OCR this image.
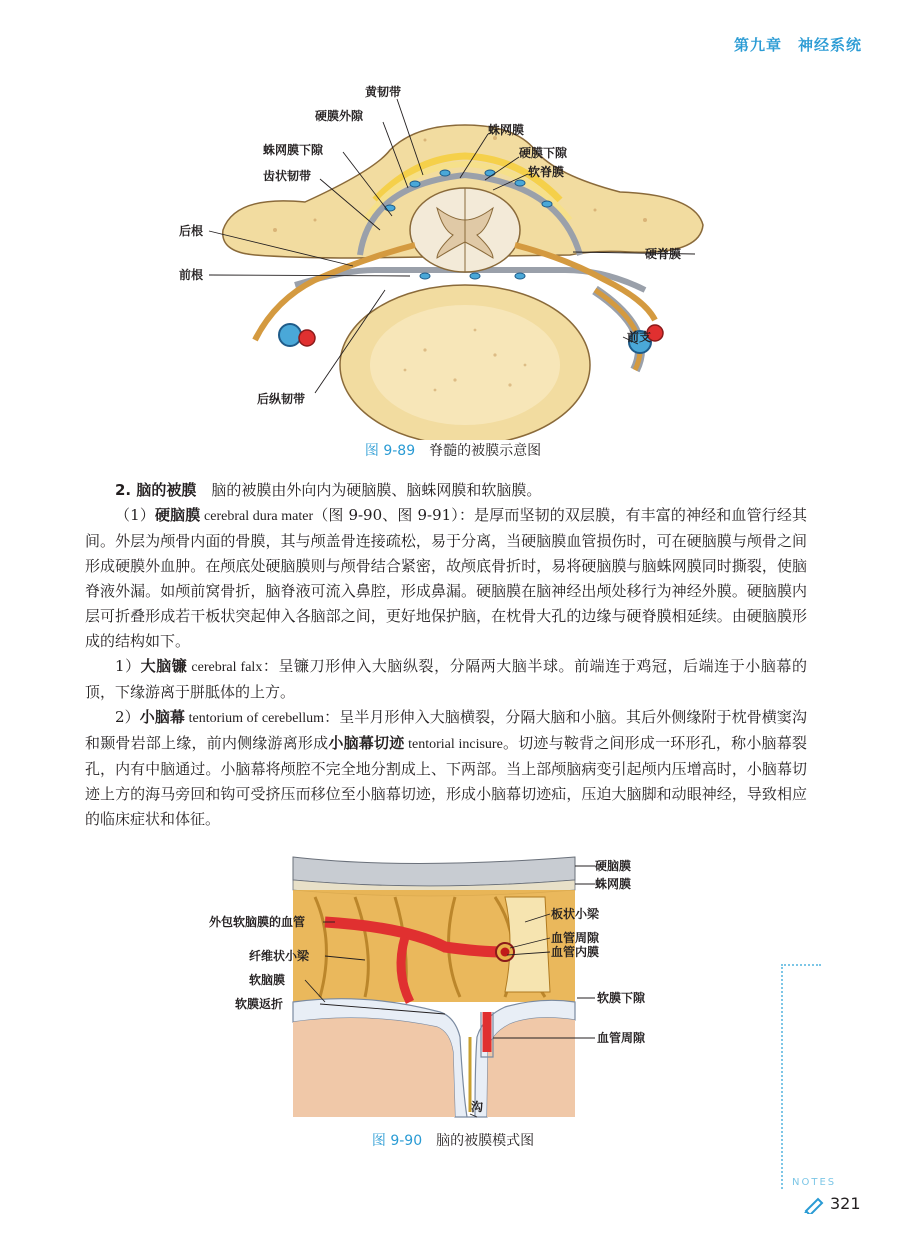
第九章　神经系统
黄韧带
硬膜外隙
蛛网膜
蛛网膜下隙	硬膜下隙
齿状韧带	软脊膜
后根
硬脊膜
前根
前支
后纵韧带
图 9-89 脊髓的被膜示意图

2. 脑的被膜　脑的被膜由外向内为硬脑膜、脑蛛网膜和软脑膜。

（1）硬脑膜 cerebral dura mater（图 9-90、图 9-91）：是厚而坚韧的双层膜，有丰富的神经和血管行经其间。外层为颅骨内面的骨膜，其与颅盖骨连接疏松，易于分离，当硬脑膜血管损伤时，可在硬脑膜与颅骨之间形成硬膜外血肿。在颅底处硬脑膜则与颅骨结合紧密，故颅底骨折时，易将硬脑膜与脑蛛网膜同时撕裂，使脑脊液外漏。如颅前窝骨折，脑脊液可流入鼻腔，形成鼻漏。硬脑膜在脑神经出颅处移行为神经外膜。硬脑膜内层可折叠形成若干板状突起伸入各脑部之间，更好地保护脑，在枕骨大孔的边缘与硬脊膜相延续。由硬脑膜形成的结构如下。

1）大脑镰 cerebral falx：呈镰刀形伸入大脑纵裂，分隔两大脑半球。前端连于鸡冠，后端连于小脑幕的顶，下缘游离于胼胝体的上方。

2）小脑幕 tentorium of cerebellum：呈半月形伸入大脑横裂，分隔大脑和小脑。其后外侧缘附于枕骨横窦沟和颞骨岩部上缘，前内侧缘游离形成小脑幕切迹 tentorial incisure。切迹与鞍背之间形成一环形孔，称小脑幕裂孔，内有中脑通过。小脑幕将颅腔不完全地分割成上、下两部。当上部颅脑病变引起颅内压增高时，小脑幕切迹上方的海马旁回和钩可受挤压而移位至小脑幕切迹，形成小脑幕切迹疝，压迫大脑脚和动眼神经，导致相应的临床症状和体征。

硬脑膜
蛛网膜
板状小梁
外包软脑膜的血管
血管周隙
血管内膜
纤维状小梁
软脑膜
软膜下隙
软膜返折
血管周隙
沟
图 9-90 脑的被膜模式图
NOTES
321
